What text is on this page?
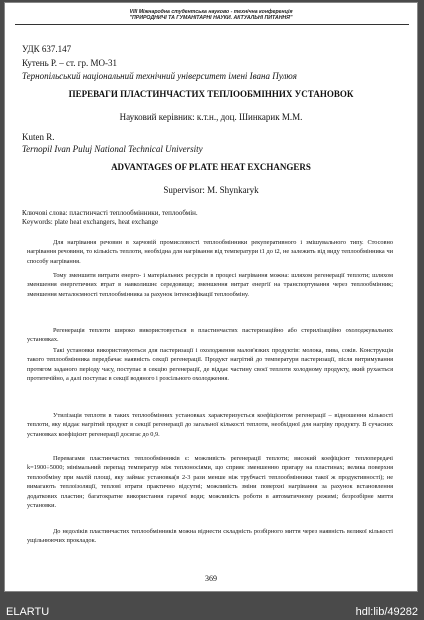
VIII Міжнародна студентська науково - технічна конференція
"ПРИРОДНИЧІ ТА ГУМАНІТАРНІ НАУКИ. АКТУАЛЬНІ ПИТАННЯ"
УДК 637.147
Кутень Р. – ст. гр. МО-31
Тернопільський національний технічний університет імені Івана Пулюя
ПЕРЕВАГИ ПЛАСТИНЧАСТИХ ТЕПЛООБМІННИХ УСТАНОВОК
Науковий керівник: к.т.н., доц. Шинкарик М.М.
Kuten R.
Ternopil Ivan Puluj National Technical University
ADVANTAGES OF PLATE HEAT EXCHANGERS
Supervisor: M. Shynkaryk
Ключові слова: пластинчасті теплообмінники, теплообмін.
Keywords: plate heat exchangers, heat exchange

Для нагрівання речовин в харчовій промисловості теплообмінники рекуперативного і змішувального типу. Стосовно нагрівання речовини, то кількість теплоти, необхідна для нагрівання від температури t1 до t2, не залежить від виду теплообмінника чи способу нагрівання.

Тому зменшити витрати енерго- і матеріальних ресурсів в процесі нагрівання можна: шляхом регенерації теплоти; шляхом зменшення енергетичних втрат в навколишнє середовище; зменшення витрат енергії на транспортування через теплообмінник; зменшення металоємності теплообмінника за рахунок інтенсифікації теплообміну.

Регенерація теплоти широко використовується в пластинчастих пастеризаційно або стерилізаційно охолоджувальних установках.

Такі установки використовуються для пастеризації і охолодження малов'язких продуктів: молока, пива, соків. Конструкція такого теплообмінника передбачає наявність секції регенерації. Продукт нагрітий до температури пастеризації, після витримування протягом заданого періоду часу, поступає в секцію регенерації, де віддає частину своєї теплоти холодному продукту, який рухається протитечійно, а далі поступає в секції водяного і розсільного охолодження.

Утилізація теплоти в таких теплообмінних установках характеризується коефіцієнтом регенерації – відношення кількості теплоти, яку віддає нагрітий продукт в секції регенерації до загальної кількості теплоти, необхідної для нагріву продукту. В сучасних установках коефіцієнт регенерації досягає до 0,9.

Перевагами пластинчастих теплообмінників є: можливість регенерації теплоти; високий коефіцієнт теплопередачі k=1900÷5000; мінімальний перепад температур між теплоносіями, що сприяє зменшенню пригару на пластинах; велика поверхня теплообміну при малій площі, яку займає установка(в 2-3 рази менше ніж трубчасті теплообмінники такої ж продуктивності); не вимагають теплоізоляції, теплові втрати практично відсутні; можливість зміни поверхні нагрівання за рахунок встановлення додаткових пластин; багатократне використання гарячої води; можливість роботи в автоматичному режимі; безрозбірне миття установки.

До недоліків пластинчастих теплообмінників можна віднести складність розбірного миття через наявність великої кількості ущільнюючих прокладок.

369
ELARTU	hdl:lib/49282
